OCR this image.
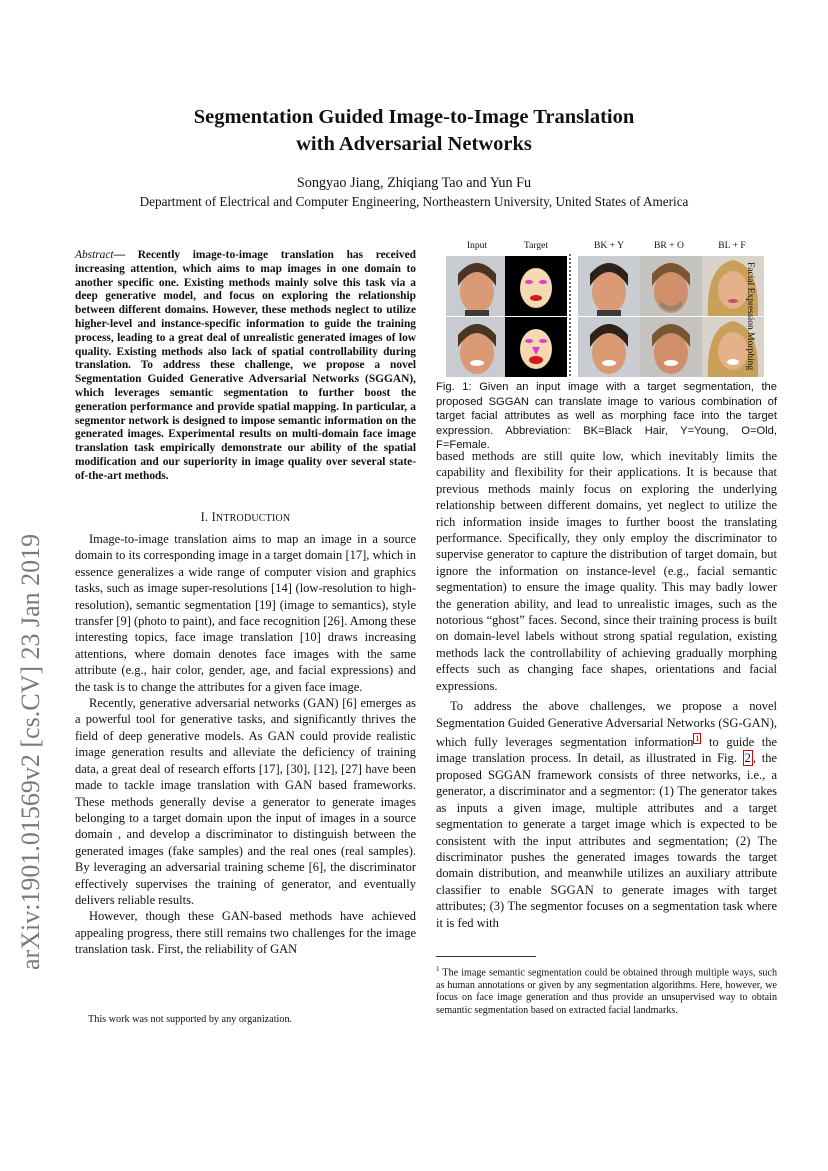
arXiv:1901.01569v2 [cs.CV] 23 Jan 2019
Segmentation Guided Image-to-Image Translation
with Adversarial Networks
Songyao Jiang, Zhiqiang Tao and Yun Fu
Department of Electrical and Computer Engineering, Northeastern University, United States of America
Abstract— Recently image-to-image translation has received increasing attention, which aims to map images in one domain to another specific one. Existing methods mainly solve this task via a deep generative model, and focus on exploring the relationship between different domains. However, these methods neglect to utilize higher-level and instance-specific information to guide the training process, leading to a great deal of unrealistic generated images of low quality. Existing methods also lack of spatial controllability during translation. To address these challenge, we propose a novel Segmentation Guided Generative Adversarial Networks (SGGAN), which leverages semantic segmentation to further boost the generation performance and provide spatial mapping. In particular, a segmentor network is designed to impose semantic information on the generated images. Experimental results on multi-domain face image translation task empirically demonstrate our ability of the spatial modification and our superiority in image quality over several state-of-the-art methods.
I. INTRODUCTION

Image-to-image translation aims to map an image in a source domain to its corresponding image in a target domain [17], which in essence generalizes a wide range of computer vision and graphics tasks, such as image super-resolutions [14] (low-resolution to high-resolution), semantic segmentation [19] (image to semantics), style transfer [9] (photo to paint), and face recognition [26]. Among these interesting topics, face image translation [10] draws increasing attentions, where domain denotes face images with the same attribute (e.g., hair color, gender, age, and facial expressions) and the task is to change the attributes for a given face image.

Recently, generative adversarial networks (GAN) [6] emerges as a powerful tool for generative tasks, and significantly thrives the field of deep generative models. As GAN could provide realistic image generation results and alleviate the deficiency of training data, a great deal of research efforts [17], [30], [12], [27] have been made to tackle image translation with GAN based frameworks. These methods generally devise a generator to generate images belonging to a target domain upon the input of images in a source domain , and develop a discriminator to distinguish between the generated images (fake samples) and the real ones (real samples). By leveraging an adversarial training scheme [6], the discriminator effectively supervises the training of generator, and eventually delivers reliable results.

However, though these GAN-based methods have achieved appealing progress, there still remains two challenges for the image translation task. First, the reliability of GAN

This work was not supported by any organization.
Input	Target	BK + Y	BR + O	BL + F
Facial Expression Morphing
Fig. 1: Given an input image with a target segmentation, the proposed SGGAN can translate image to various combination of target facial attributes as well as morphing face into the target expression. Abbreviation: BK=Black Hair, Y=Young, O=Old, F=Female.

based methods are still quite low, which inevitably limits the capability and flexibility for their applications. It is because that previous methods mainly focus on exploring the underlying relationship between different domains, yet neglect to utilize the rich information inside images to further boost the translating performance. Specifically, they only employ the discriminator to supervise generator to capture the distribution of target domain, but ignore the information on instance-level (e.g., facial semantic segmentation) to ensure the image quality. This may badly lower the generation ability, and lead to unrealistic images, such as the notorious “ghost” faces. Second, since their training process is built on domain-level labels without strong spatial regulation, existing methods lack the controllability of achieving gradually morphing effects such as changing face shapes, orientations and facial expressions.

To address the above challenges, we propose a novel Segmentation Guided Generative Adversarial Networks (SG-GAN), which fully leverages segmentation information $^1$ to guide the image translation process. In detail, as illustrated in Fig. 2 , the proposed SGGAN framework consists of three networks, i.e., a generator, a discriminator and a segmentor: (1) The generator takes as inputs a given image, multiple attributes and a target segmentation to generate a target image which is expected to be consistent with the input attributes and segmentation; (2) The discriminator pushes the generated images towards the target domain distribution, and meanwhile utilizes an auxiliary attribute classifier to enable SGGAN to generate images with target attributes; (3) The segmentor focuses on a segmentation task where it is fed with

$^1$ The image semantic segmentation could be obtained through multiple ways, such as human annotations or given by any segmentation algorithms. Here, however, we focus on face image generation and thus provide an unsupervised way to obtain semantic segmentation based on extracted facial landmarks.
